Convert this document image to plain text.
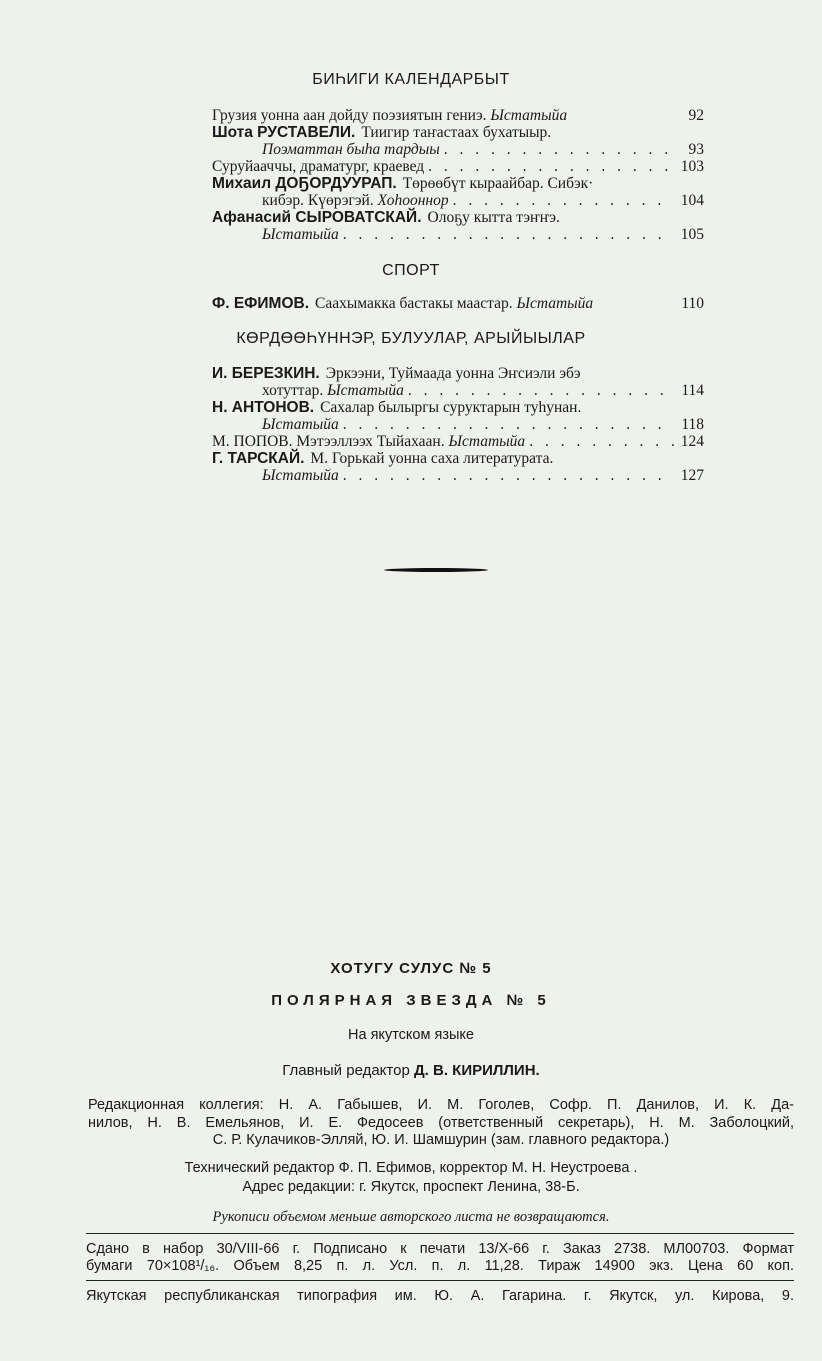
БИҺИГИ КАЛЕНДАРБЫТ
Грузия уонна аан дойду поэзиятын гениэ.
Ыстатыйа	92
Шота РУСТАВЕЛИ. Тиигир таҥастаах бухатыыр.
Поэматтан быһа тардыы . . .	93
Суруйааччы, драматург, краевед . . .	103
Михаил ДОҔОРДУУРАП. Төрөөбүт кыраайбар. Сибэк·
кибэр. Күөрэгэй.
Хоһооннор . . .	104
Афанасий СЫРОВАТСКАЙ. Олоҕу кытта тэҥҥэ.
Ыстатыйа . . .	105
СПОРТ
Ф. ЕФИМОВ. Саахымакка бастакы маастар.
Ыстатыйа	110
КӨРДӨӨҺҮННЭР, БУЛУУЛАР, АРЫЙЫЫЛАР
И. БЕРЕЗКИН. Эркээни, Туймаада уонна Эҥсиэли эбэ
хотуттар.
Ыстатыйа . . .	114
Н. АНТОНОВ. Сахалар былыргы суруктарын туһунан.
Ыстатыйа . . .	118
М. ПОПОВ. Мэтээллээх Тыйахаан.
Ыстатыйа . . .	124
Г. ТАРСКАЙ. М. Горькай уонна саха литературата.
Ыстатыйа . . .	127
ХОТУГУ СУЛУС № 5
ПОЛЯРНАЯ ЗВЕЗДА № 5
На якутском языке
Главный редактор Д. В. КИРИЛЛИН.
Редакционная коллегия: Н. А. Габышев, И. М. Гоголев, Софр. П. Данилов, И. К. Да-
нилов, Н. В. Емельянов, И. Е. Федосеев (ответственный секретарь), Н. М. Заболоцкий,
С. Р. Кулачиков-Элляй, Ю. И. Шамшурин (зам. главного редактора.)
Технический редактор Ф. П. Ефимов, корректор М. Н. Неустроева .
Адрес редакции: г. Якутск, проспект Ленина, 38-Б.
Рукописи объемом меньше авторского листа не возвращаются.
Сдано в набор 30/VIII-66 г. Подписано к печати 13/X-66 г. Заказ 2738. МЛ00703. Формат
бумаги 70×108¹/₁₆. Объем 8,25 п. л. Усл. п. л. 11,28. Тираж 14900 экз. Цена 60 коп.
Якутская республиканская типография им. Ю. А. Гагарина. г. Якутск, ул. Кирова, 9.
